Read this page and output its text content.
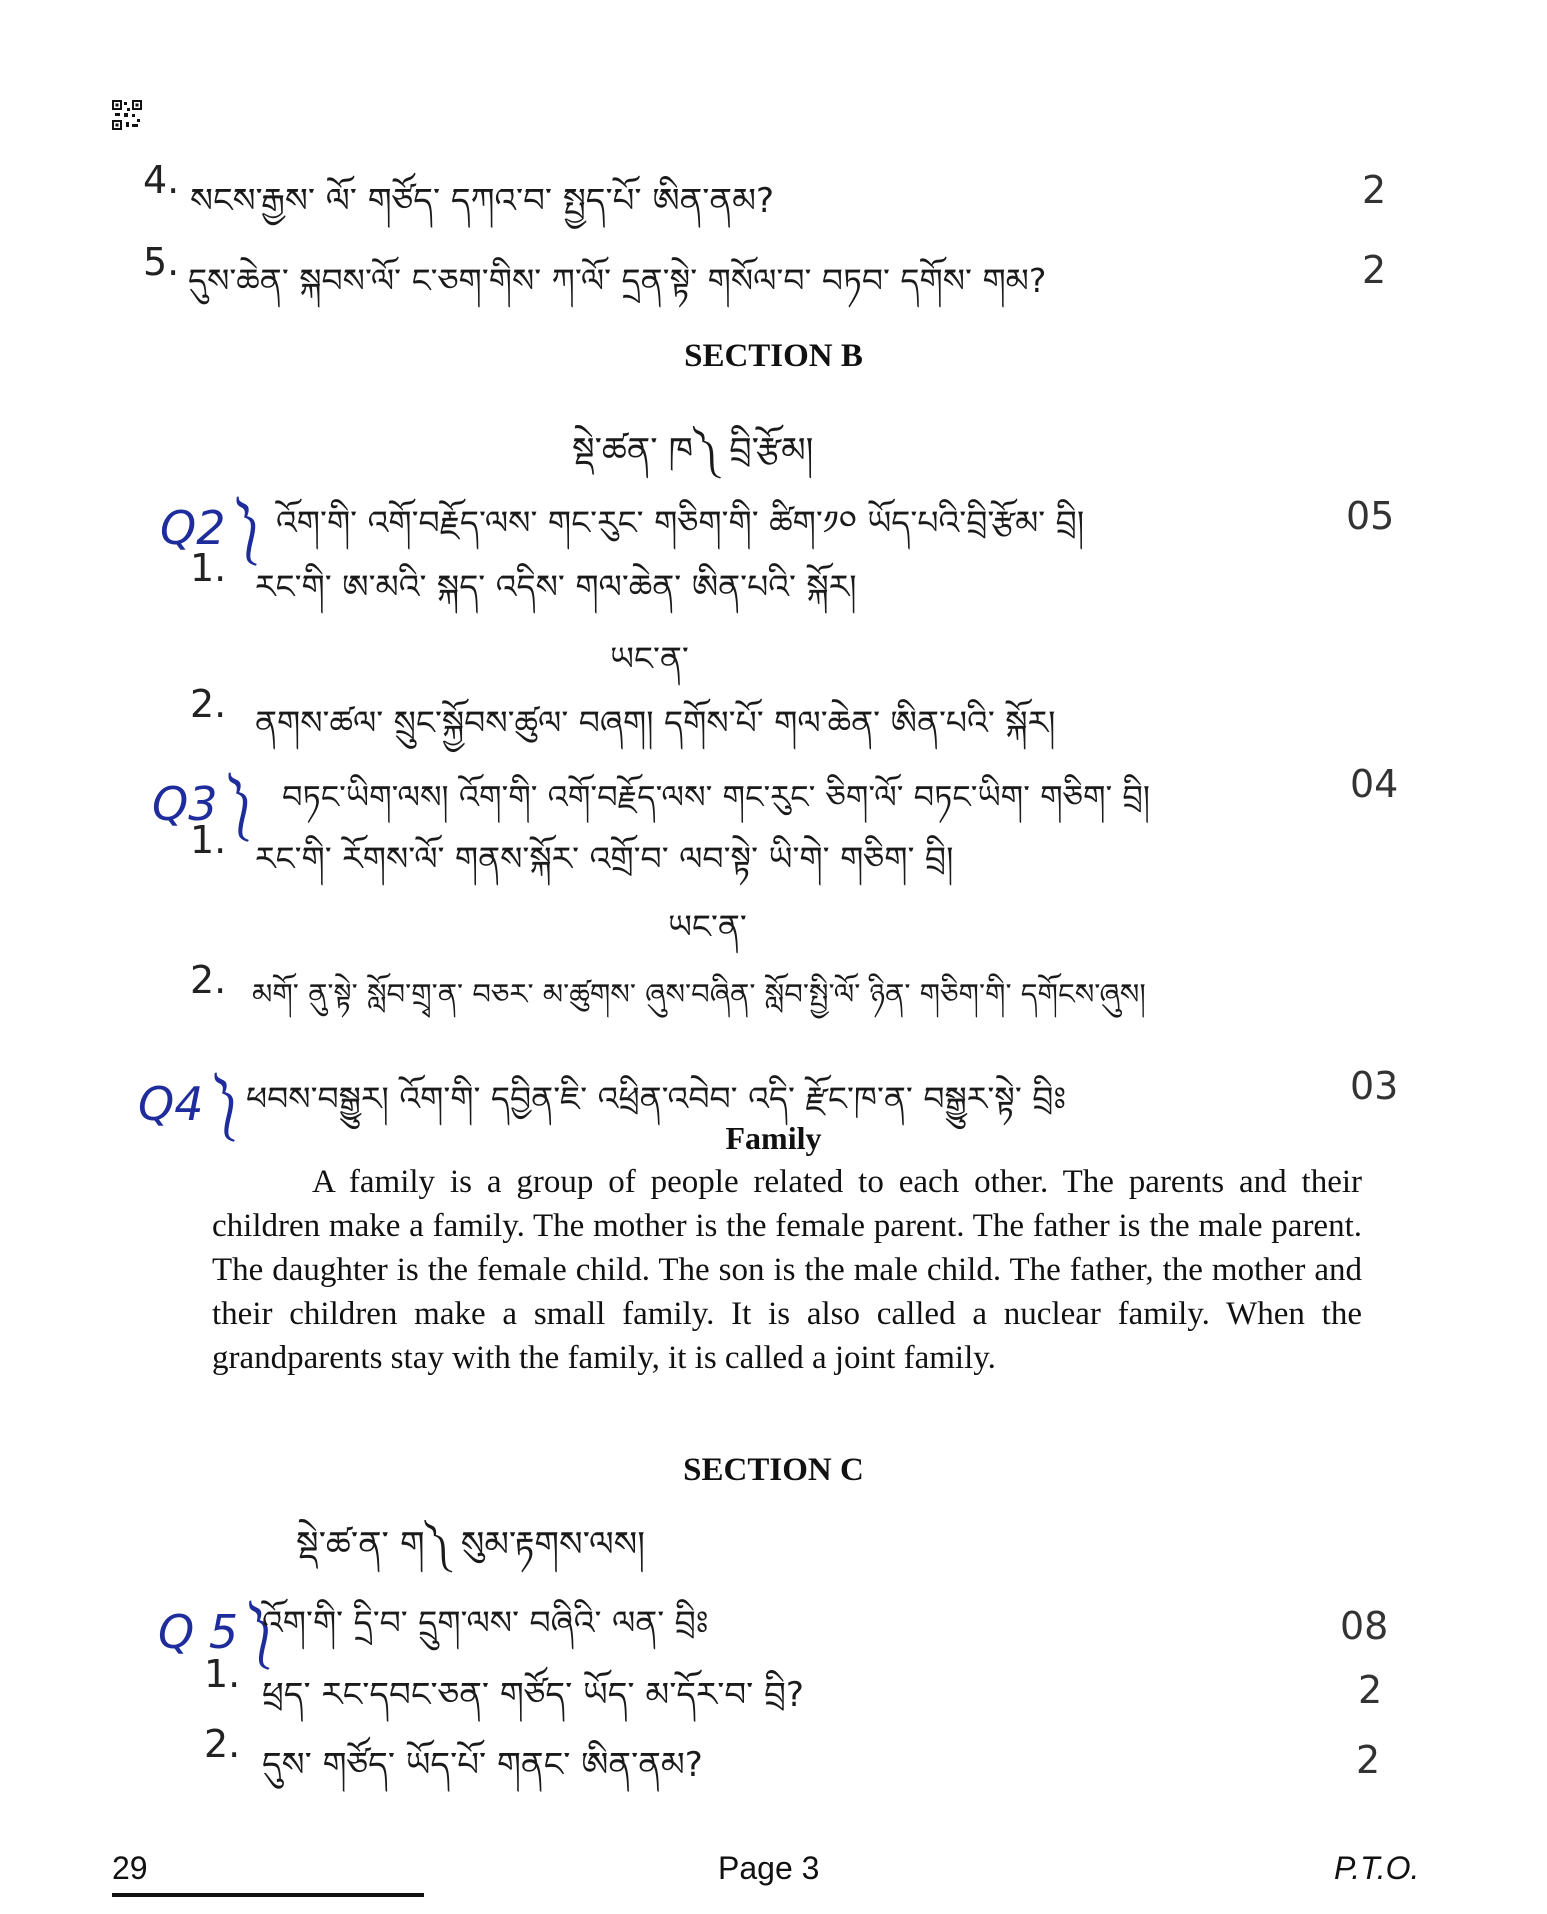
4. སངས་རྒྱས་ ལོ་ གཙོད་ དཀའ་བ་ སྤྱད་པོ་ ཨིན་ནམ?	2
5. དུས་ཆེན་ སྐབས་ལོ་ ང་ཅག་གིས་ ཀ་ལོ་ དྲན་སྟེ་ གསོལ་བ་ བཏབ་ དགོས་ གམ?	2
SECTION B
སྡེ་ཚན་ ཁ༽ བྲི་རྩོམ།
Q2༽ འོག་གི་ འགོ་བརྗོད་ལས་ གང་རུང་ གཅིག་གི་ ཚིག་༡༠ ཡོད་པའི་བྲི་རྩོམ་ བྲི།	05
1. རང་གི་ ཨ་མའི་ སྐད་ འདིས་ གལ་ཆེན་ ཨིན་པའི་ སྐོར།
ཡང་ན་
2. ནགས་ཚལ་ སྲུང་སྐྱོབས་ཚུལ་ བཞག། དགོས་པོ་ གལ་ཆེན་ ཨིན་པའི་ སྐོར།
Q3༽ བཏང་ཡིག་ལས། འོག་གི་ འགོ་བརྗོད་ལས་ གང་རུང་ ཅིག་ལོ་ བཏང་ཡིག་ གཅིག་ བྲི།	04
1. རང་གི་ རོགས་ལོ་ གནས་སྐོར་ འགྲོ་བ་ ལབ་སྟེ་ ཡི་གེ་ གཅིག་ བྲི།
ཡང་ན་
2. མགོ་ ནུ་སྟེ་ སློབ་གྲྭ་ན་ བཅར་ མ་ཚུགས་ ཞུས་བཞིན་ སློབ་སྤྱི་ལོ་ ཉིན་ གཅིག་གི་ དགོངས་ཞུས།
Q4༽ ཕབས་བསྒྱུར། འོག་གི་ དབྱིན་ཇི་ འཕྲིན་འབེབ་ འདི་ རྫོང་ཁ་ན་ བསྒྱུར་སྟེ་ བྲིཿ	03
Family

A family is a group of people related to each other. The parents and their children make a family. The mother is the female parent. The father is the male parent. The daughter is the female child. The son is the male child. The father, the mother and their children make a small family. It is also called a nuclear family. When the grandparents stay with the family, it is called a joint family.

SECTION C
སྡེ་ཚ་ན་ ག༽ སུམ་རྟགས་ལས།
Q 5༽
འོག་གི་ དྲི་བ་ དྲུག་ལས་ བཞིའི་ ལན་ བྲིཿ	08
1. ཕྲད་ རང་དབང་ཅན་ གཙོད་ ཡོད་ མ་དོར་བ་ བྲི?	2
2. དུས་ གཙོད་ ཡོད་པོ་ གནང་ ཨིན་ནམ?	2
29	Page 3	P.T.O.
